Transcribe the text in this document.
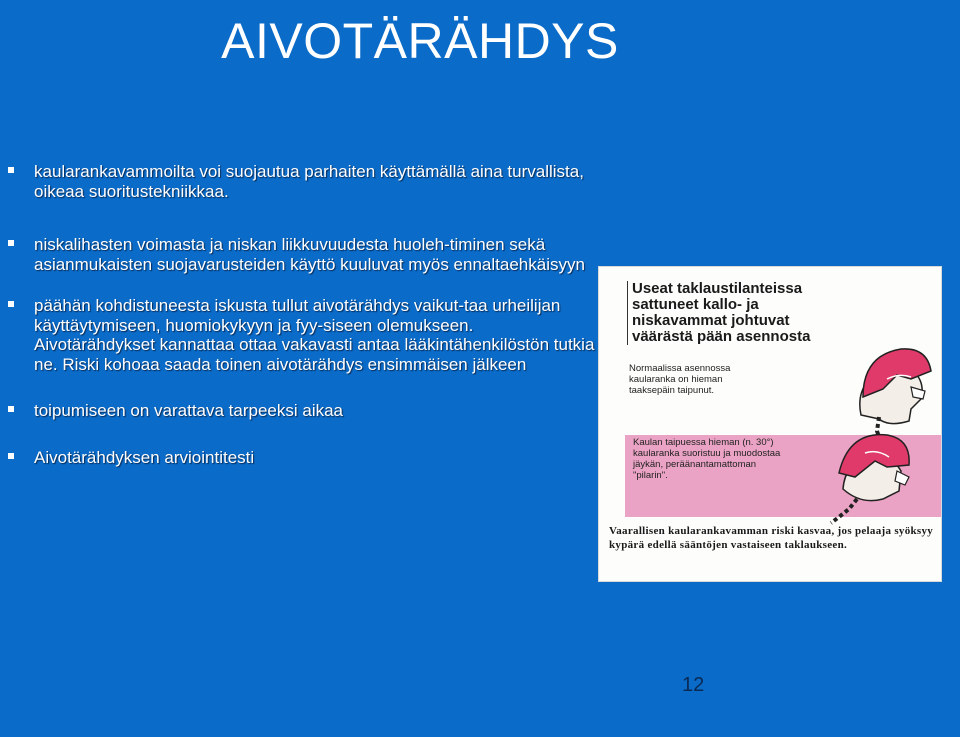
AIVOTÄRÄHDYS
kaularankavammoilta voi suojautua parhaiten käyttämällä aina turvallista, oikeaa suoritustekniikkaa.
niskalihasten voimasta ja niskan liikkuvuudesta huoleh-timinen sekä asianmukaisten suojavarusteiden käyttö kuuluvat myös ennaltaehkäisyyn
päähän kohdistuneesta iskusta tullut aivotärähdys vaikut-taa urheilijan käyttäytymiseen, huomiokykyyn ja fyy-siseen olemukseen. Aivotärähdykset kannattaa ottaa vakavasti antaa lääkintähenkilöstön tutkia ne. Riski kohoaa saada toinen aivotärähdys ensimmäisen jälkeen
toipumiseen on varattava tarpeeksi aikaa
Aivotärähdyksen arviointitesti
Useat taklaustilanteissa sattuneet kallo- ja niskavammat johtuvat väärästä pään asennosta
Normaalissa asennossa kaularanka on hieman taaksepäin taipunut.
Kaulan taipuessa hieman (n. 30°) kaularanka suoristuu ja muodostaa jäykän, peräänantamattoman "pilarin".
Vaarallisen kaularankavamman riski kasvaa, jos pelaaja syöksyy kypärä edellä sääntöjen vastaiseen taklaukseen.
12
